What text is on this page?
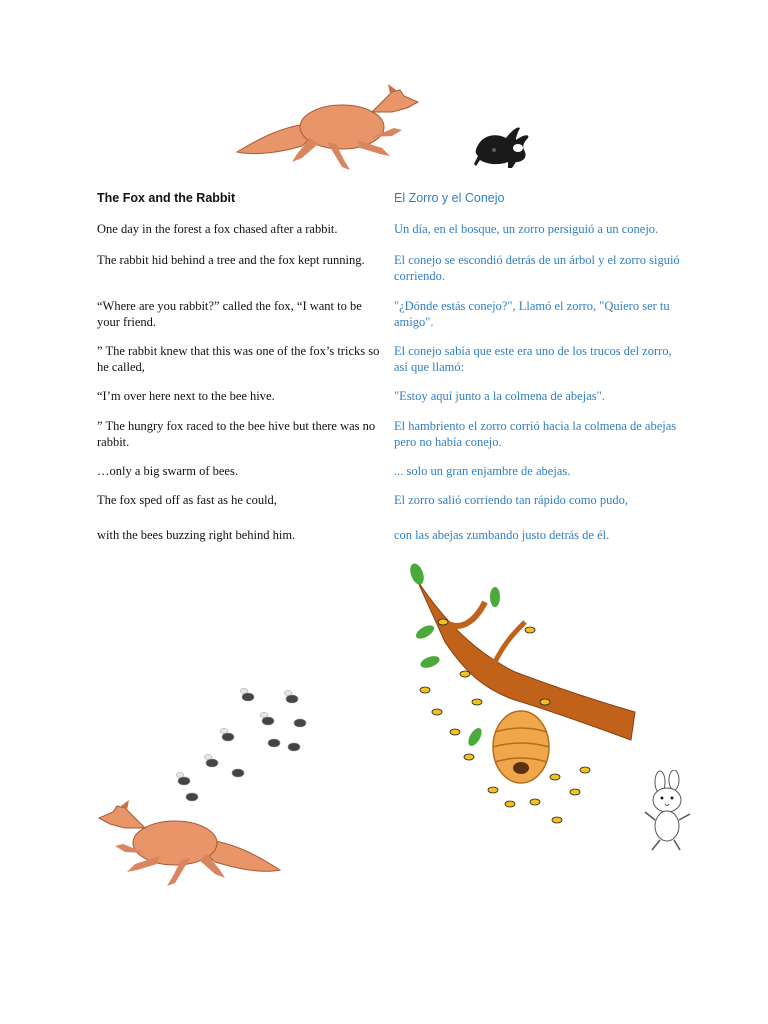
The Fox and the Rabbit
One day in the forest a fox chased after a rabbit.
The rabbit hid behind a tree and the fox kept running.
“Where are you rabbit?” called the fox, “I want to be your friend.
” The rabbit knew that this was one of the fox’s tricks so he called,
“I’m over here next to the bee hive.
” The hungry fox raced to the bee hive but there was no rabbit.
…only a big swarm of bees.
The fox sped off as fast as he could,
with the bees buzzing right behind him.
El Zorro y el Conejo
Un día, en el bosque, un zorro persiguió a un conejo.
El conejo se escondió detrás de un árbol y el zorro siguió corriendo.
"¿Dónde estás conejo?", Llamó el zorro, "Quiero ser tu amigo".
El conejo sabía que este era uno de los trucos del zorro, así que llamó:
"Estoy aquí junto a la colmena de abejas".
El hambriento el zorro corrió hacia la colmena de abejas pero no había conejo.
... solo un gran enjambre de abejas.
El zorro salió corriendo tan rápido como pudo,
con las abejas zumbando justo detrás de él.
